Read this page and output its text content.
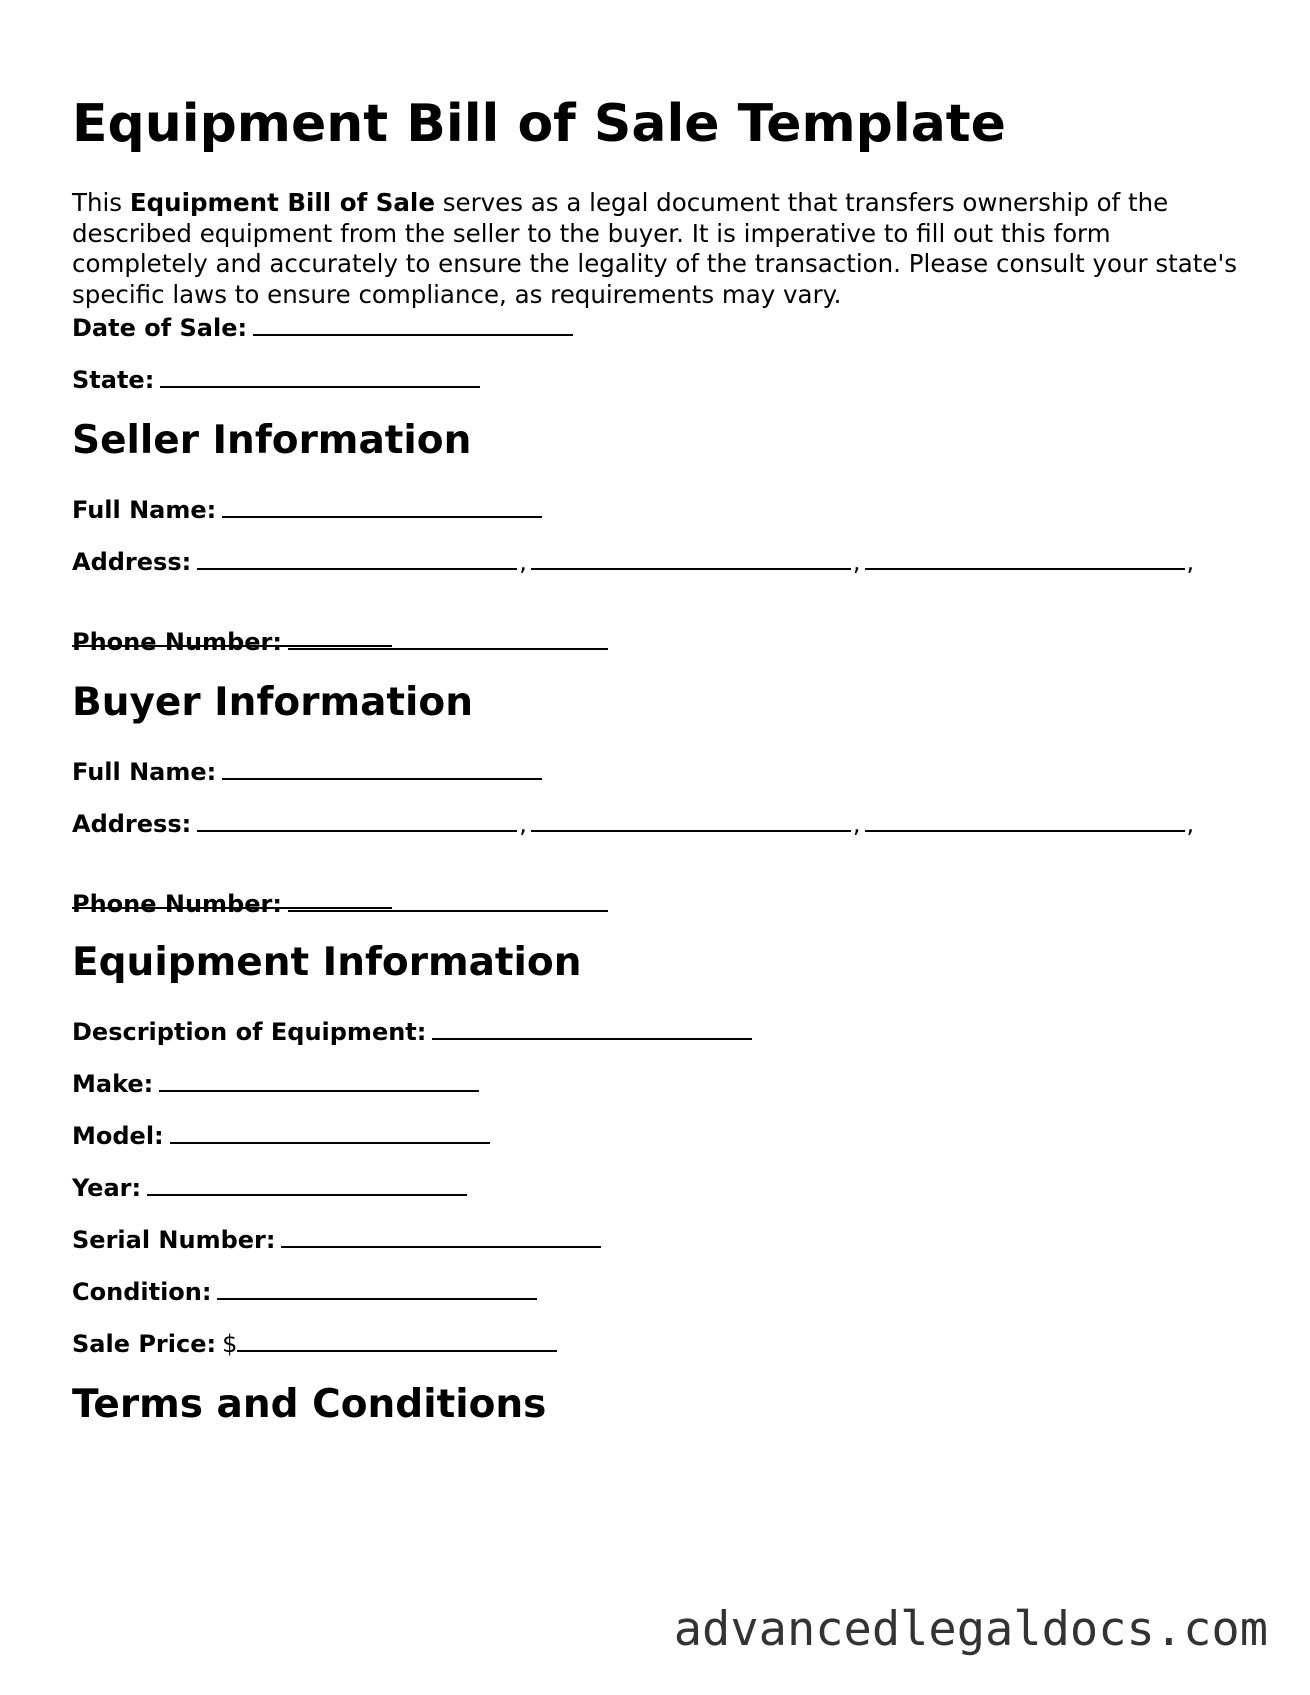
Equipment Bill of Sale Template

This Equipment Bill of Sale serves as a legal document that transfers ownership of the described equipment from the seller to the buyer. It is imperative to fill out this form completely and accurately to ensure the legality of the transaction. Please consult your state's specific laws to ensure compliance, as requirements may vary.

Date of Sale:
State:
Seller Information
Full Name:
Address:	,	,	,
Phone Number:
Buyer Information
Full Name:
Address:	,	,	,
Phone Number:
Equipment Information
Description of Equipment:
Make:
Model:
Year:
Serial Number:
Condition:
Sale Price: $
Terms and Conditions
advancedlegaldocs.com
